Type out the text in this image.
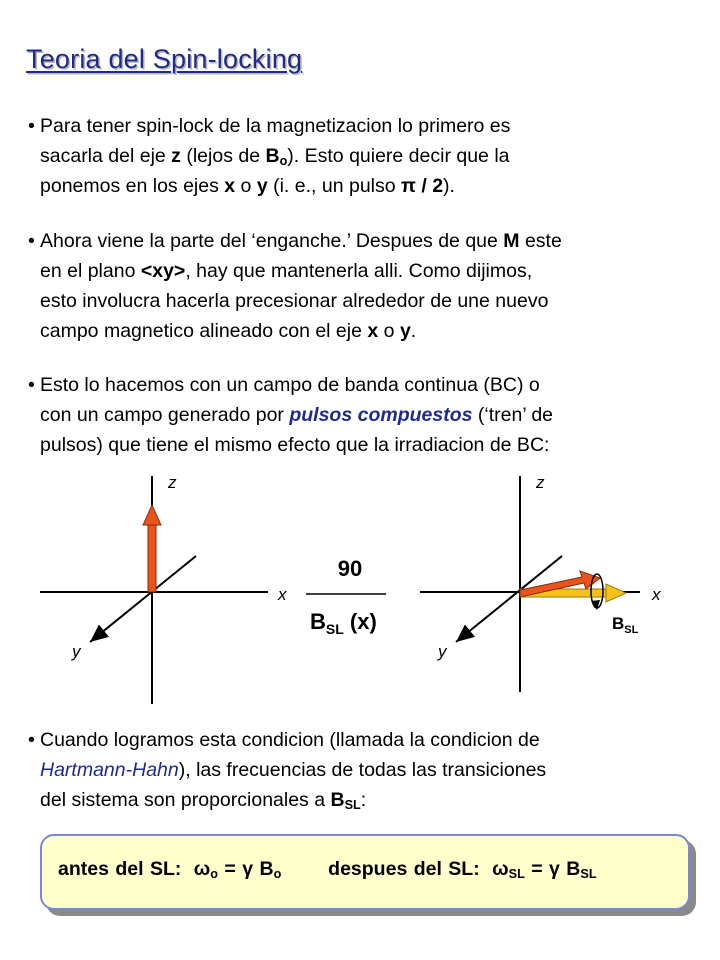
Teoria del Spin-locking
• Para tener spin-lock de la magnetizacion lo primero es
sacarla del eje z (lejos de $B_o$). Esto quiere decir que la
ponemos en los ejes x o y (i. e., un pulso π / 2).
• Ahora viene la parte del ‘enganche.’ Despues de que M este
en el plano <xy>, hay que mantenerla alli. Como dijimos,
esto involucra hacerla precesionar alrededor de une nuevo
campo magnetico alineado con el eje x o y.
• Esto lo hacemos con un campo de banda continua (BC) o
con un campo generado por pulsos compuestos (‘tren’ de
pulsos) que tiene el mismo efecto que la irradiacion de BC:
z
x
y
90
$B_{SL}$ (x)
z
x
y
$B_{SL}$
• Cuando logramos esta condicion (llamada la condicion de
Hartmann-Hahn), las frecuencias de todas las transiciones
del sistema son proporcionales a $B_{SL}$:
antes del SL: $\omega_o = \gamma$ $B_o$ despues del SL: $\omega_{SL} = \gamma$ $B_{SL}$
